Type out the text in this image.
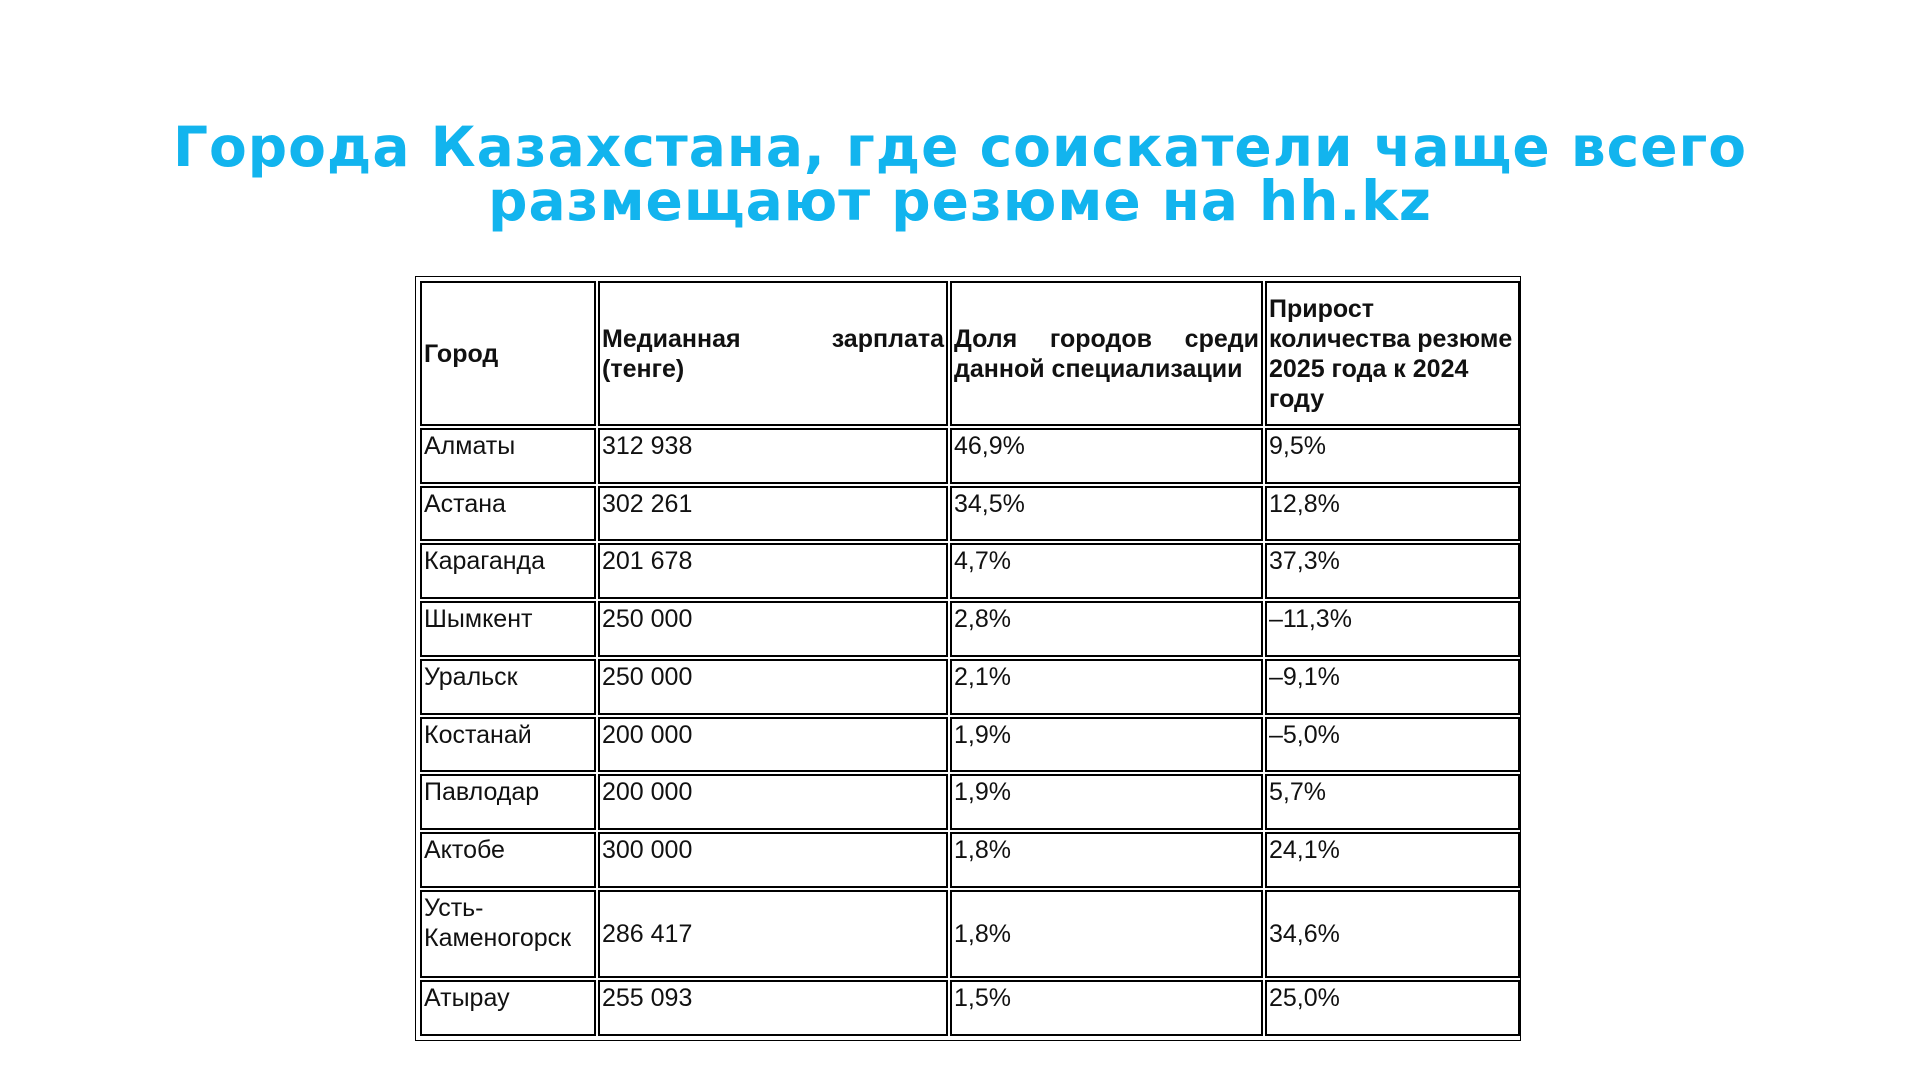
Города Казахстана, где соискатели чаще всего
размещают резюме на hh.kz
Город	Медианная зарплата (тенге)	Доля городов среди данной специализации	Прирост количества резюме 2025 года к 2024 году
Алматы	312 938	46,9%	9,5%
Астана	302 261	34,5%	12,8%
Караганда	201 678	4,7%	37,3%
Шымкент	250 000	2,8%	–11,3%
Уральск	250 000	2,1%	–9,1%
Костанай	200 000	1,9%	–5,0%
Павлодар	200 000	1,9%	5,7%
Актобе	300 000	1,8%	24,1%
Усть-Каменогорск	286 417	1,8%	34,6%
Атырау	255 093	1,5%	25,0%
